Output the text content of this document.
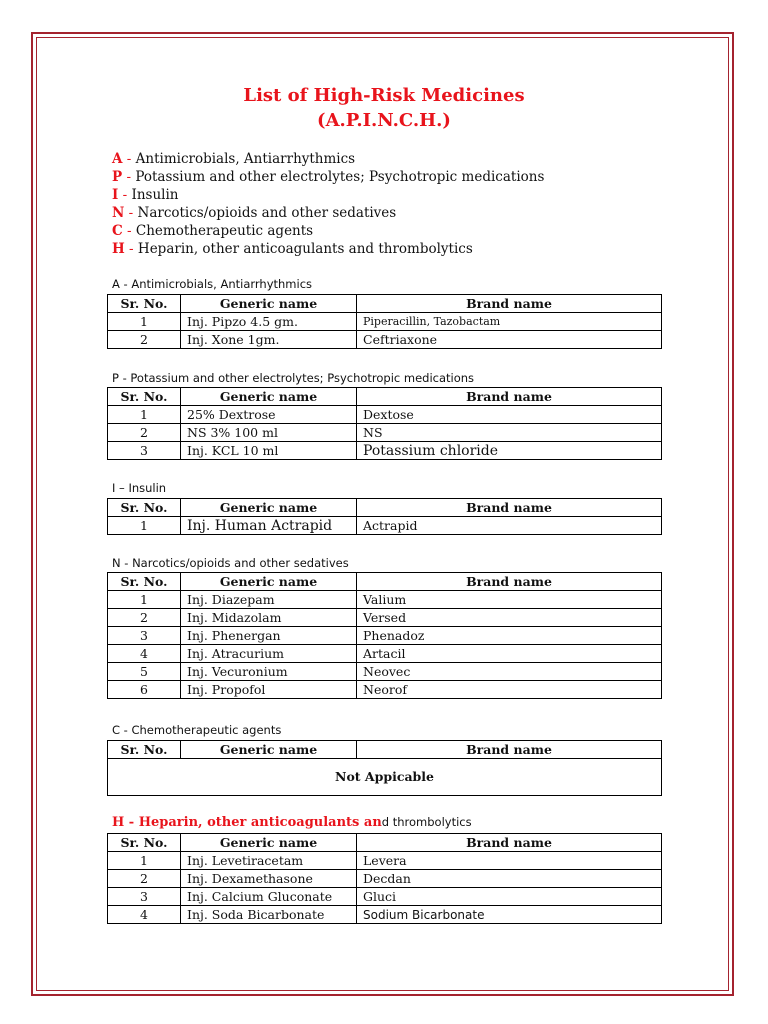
List of High-Risk Medicines
(A.P.I.N.C.H.)
A - Antimicrobials, Antiarrhythmics
P - Potassium and other electrolytes; Psychotropic medications
I - Insulin
N - Narcotics/opioids and other sedatives
C - Chemotherapeutic agents
H - Heparin, other anticoagulants and thrombolytics
A - Antimicrobials, Antiarrhythmics
Sr. No.	Generic name	Brand name
1	Inj. Pipzo 4.5 gm.	Piperacillin, Tazobactam
2	Inj. Xone 1gm.	Ceftriaxone
P - Potassium and other electrolytes; Psychotropic medications
Sr. No.	Generic name	Brand name
1	25% Dextrose	Dextose
2	NS 3% 100 ml	NS
3	Inj. KCL 10 ml	Potassium chloride
I – Insulin
Sr. No.	Generic name	Brand name
1	Inj. Human Actrapid	Actrapid
N - Narcotics/opioids and other sedatives
Sr. No.	Generic name	Brand name
1	Inj. Diazepam	Valium
2	Inj. Midazolam	Versed
3	Inj. Phenergan	Phenadoz
4	Inj. Atracurium	Artacil
5	Inj. Vecuronium	Neovec
6	Inj. Propofol	Neorof
C - Chemotherapeutic agents
Sr. No.	Generic name	Brand name
Not Appicable
H - Heparin, other anticoagulants and thrombolytics
Sr. No.	Generic name	Brand name
1	Inj. Levetiracetam	Levera
2	Inj. Dexamethasone	Decdan
3	Inj. Calcium Gluconate	Gluci
4	Inj. Soda Bicarbonate	Sodium Bicarbonate
